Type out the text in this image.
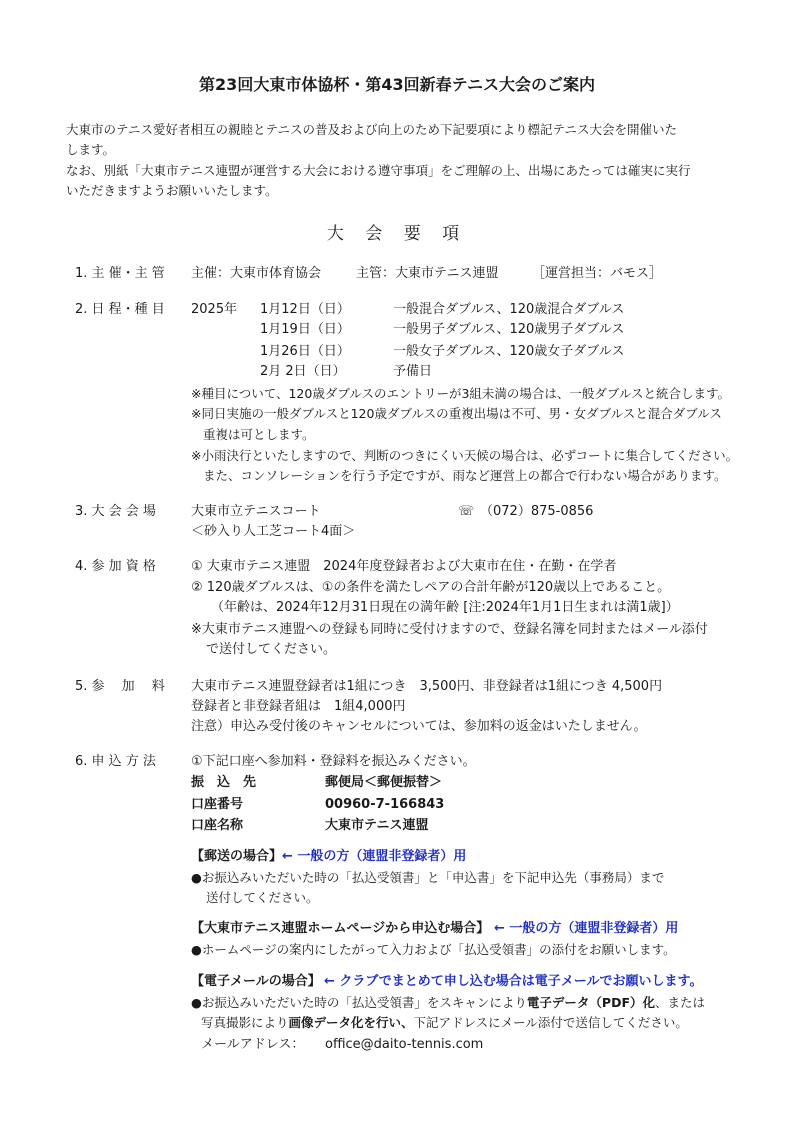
第23回大東市体協杯・第43回新春テニス大会のご案内
大東市のテニス愛好者相互の親睦とテニスの普及および向上のため下記要項により標記テニス大会を開催いた
します。
なお、別紙「大東市テニス連盟が運営する大会における遵守事項」をご理解の上、出場にあたっては確実に実行
いただきますようお願いいたします。
大 会 要 項
1. 主 催・主 管 主催：大東市体育協会	主管：大東市テニス連盟	［運営担当：バモス］
2. 日 程・種 目 2025年 1月12日（日）	一般混合ダブルス、120歳混合ダブルス
1月19日（日）	一般男子ダブルス、120歳男子ダブルス
1月26日（日）	一般女子ダブルス、120歳女子ダブルス
2月 2日（日）	予備日
※種目について、120歳ダブルスのエントリーが3組未満の場合は、一般ダブルスと統合します。
※同日実施の一般ダブルスと120歳ダブルスの重複出場は不可、男・女ダブルスと混合ダブルス
重複は可とします。
※小雨決行といたしますので、判断のつきにくい天候の場合は、必ずコートに集合してください。
また、コンソレーションを行う予定ですが、雨など運営上の都合で行わない場合があります。
3. 大 会 会 場	大東市立テニスコート	☏ （072）875-0856
＜砂入り人工芝コート4面＞
4. 参 加 資 格	① 大東市テニス連盟　2024年度登録者および大東市在住・在勤・在学者
② 120歳ダブルスは、①の条件を満たしペアの合計年齢が120歳以上であること。
（年齢は、2024年12月31日現在の満年齢 [注:2024年1月1日生まれは満1歳]）
※大東市テニス連盟への登録も同時に受付けますので、登録名簿を同封またはメール添付
で送付してください。
5. 参　 加　 料 大東市テニス連盟登録者は1組につき　3,500円、非登録者は1組につき 4,500円
登録者と非登録者組は　1組4,000円
注意）申込み受付後のキャンセルについては、参加料の返金はいたしません。
6. 申 込 方 法	①下記口座へ参加料・登録料を振込みください。
振　込　先	郵便局＜郵便振替＞
口座番号	00960-7-166843
口座名称	大東市テニス連盟
【郵送の場合】 ← 一般の方（連盟非登録者）用
●お振込みいただいた時の「払込受領書」と「申込書」を下記申込先（事務局）まで
送付してください。
【大東市テニス連盟ホームページから申込む場合】 ← 一般の方（連盟非登録者）用
●ホームページの案内にしたがって入力および「払込受領書」の添付をお願いします。
【電子メールの場合】 ← クラブでまとめて申し込む場合は電子メールでお願いします。
●お振込みいただいた時の「払込受領書」をスキャンにより電子データ（PDF）化、または
写真撮影により画像データ化を行い、下記アドレスにメール添付で送信してください。
メールアドレス： office@daito-tennis.com
